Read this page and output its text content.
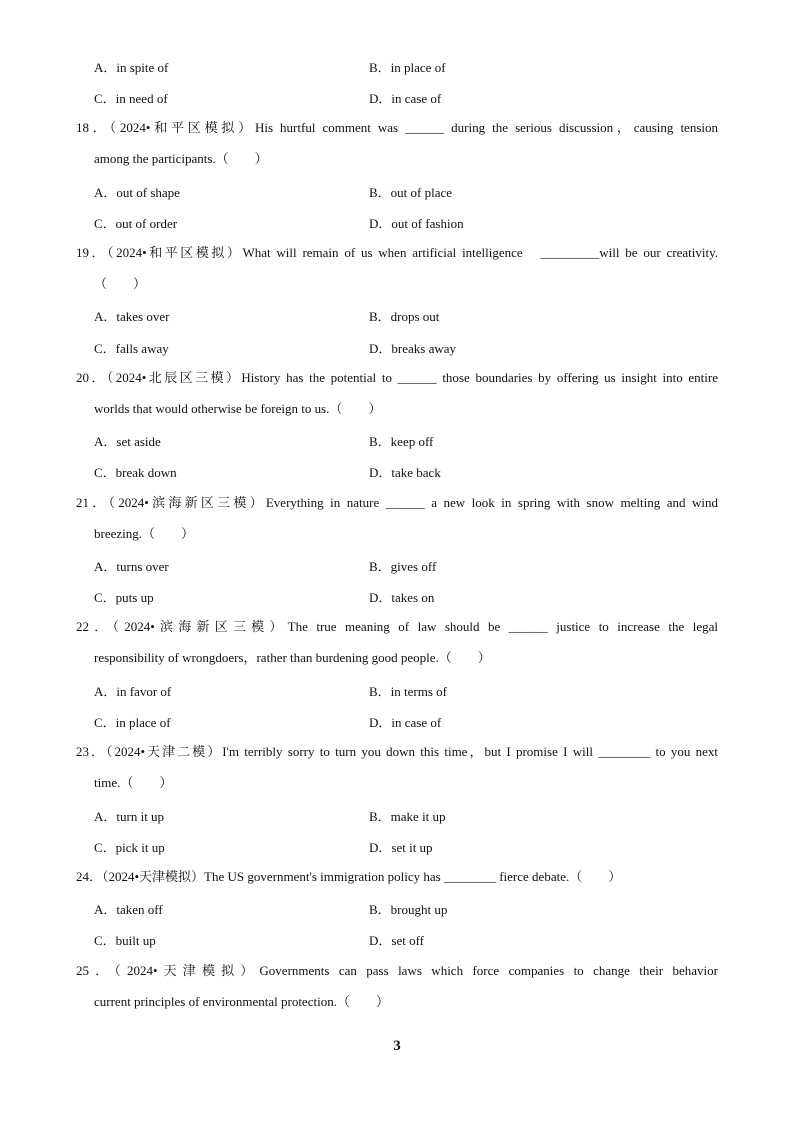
A．in spite of	B．in place of
C．in need of	D．in case of
18．（2024•和平区模拟）His hurtful comment was ______ during the serious discussion，causing tension
among the participants.（　　）
A．out of shape	B．out of place
C．out of order	D．out of fashion
19．（2024•和平区模拟）What will remain of us when artificial intelligence　_________will be our creativity.
（　　）
A．takes over	B．drops out
C．falls away	D．breaks away
20．（2024•北辰区三模）History has the potential to ______ those boundaries by offering us insight into entire
worlds that would otherwise be foreign to us.（　　）
A．set aside	B．keep off
C．break down	D．take back
21．（2024•滨海新区三模）Everything in nature ______ a new look in spring with snow melting and wind
breezing.（　　）
A．turns over	B．gives off
C．puts up	D．takes on
22．（2024•滨海新区三模）The true meaning of law should be ______ justice to increase the legal
responsibility of wrongdoers，rather than burdening good people.（　　）
A．in favor of	B．in terms of
C．in place of	D．in case of
23．（2024•天津二模）I'm terribly sorry to turn you down this time，but I promise I will ________ to you next
time.（　　）
A．turn it up	B．make it up
C．pick it up	D．set it up
24．（2024•天津模拟）The US government's immigration policy has ________ fierce debate.（　　）
A．taken off	B．brought up
C．built up	D．set off
25．（2024•天津模拟）Governments can pass laws which force companies to change their behavior
current principles of environmental protection.（　　）
3
